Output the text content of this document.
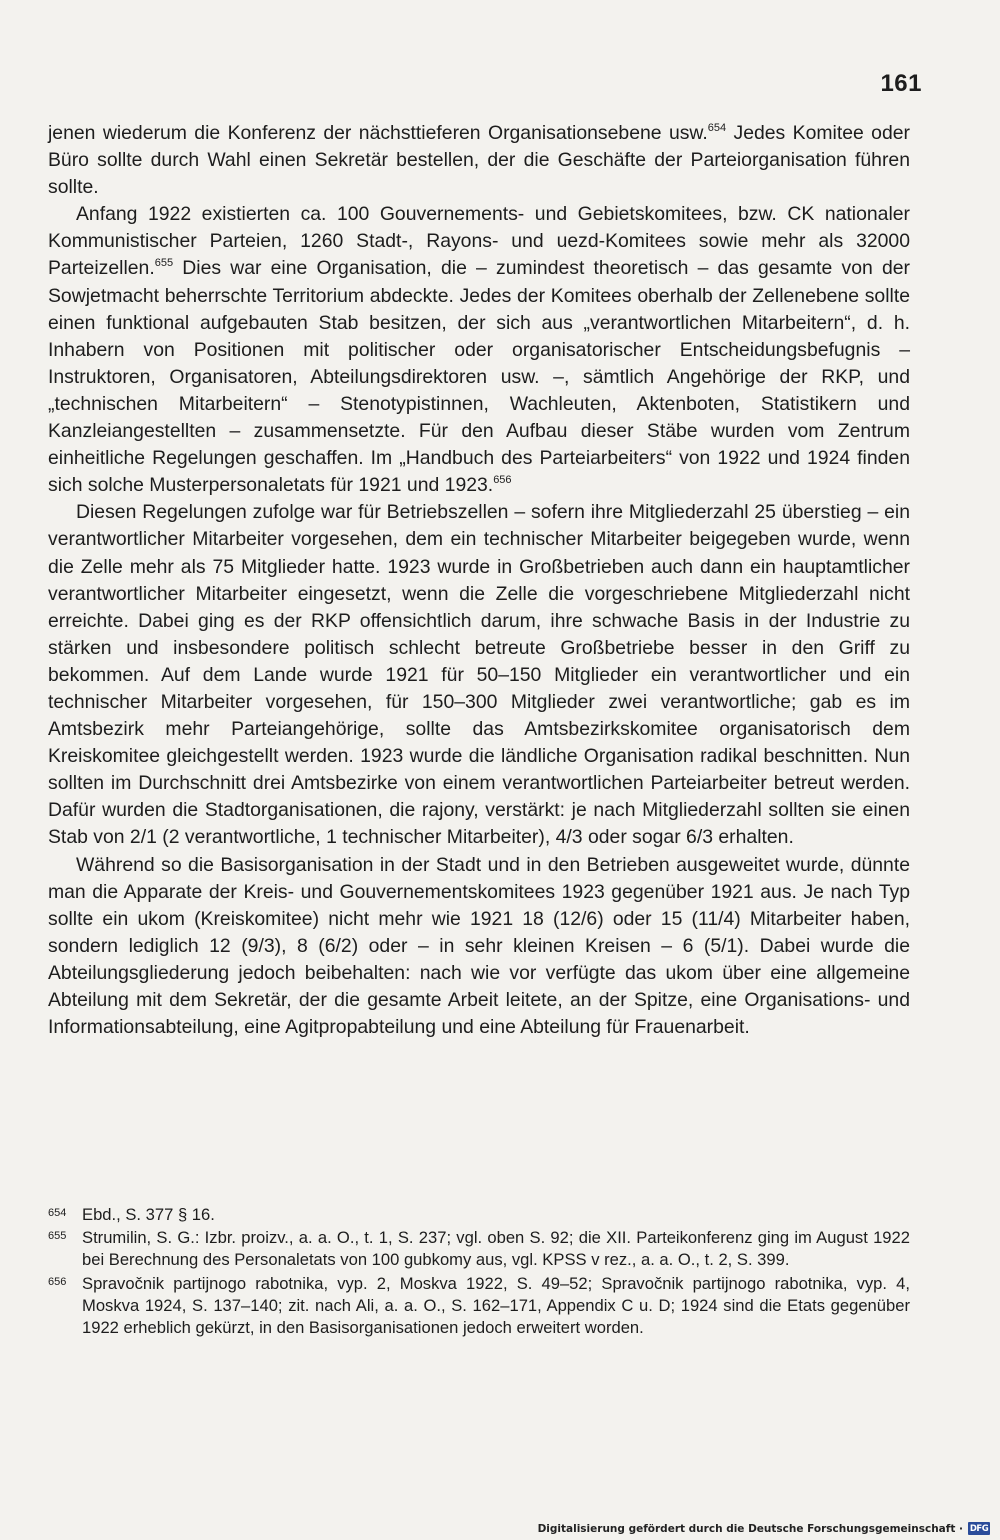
161

jenen wiederum die Konferenz der nächsttieferen Organisationsebene usw.$^{654}$ Jedes Komitee oder Büro sollte durch Wahl einen Sekretär bestellen, der die Geschäfte der Parteiorganisation führen sollte.

Anfang 1922 existierten ca. 100 Gouvernements- und Gebietskomitees, bzw. CK nationaler Kommunistischer Parteien, 1260 Stadt-, Rayons- und uezd-Komitees sowie mehr als 32000 Parteizellen.$^{655}$ Dies war eine Organisation, die – zumindest theoretisch – das gesamte von der Sowjetmacht beherrschte Territorium abdeckte. Jedes der Komitees oberhalb der Zellenebene sollte einen funktional aufgebauten Stab besitzen, der sich aus „verantwortlichen Mitarbeitern“, d. h. Inhabern von Positionen mit politischer oder organisatorischer Entscheidungsbefugnis – Instruktoren, Organisatoren, Abteilungsdirektoren usw. –, sämtlich Angehörige der RKP, und „technischen Mitarbeitern“ – Stenotypistinnen, Wachleuten, Aktenboten, Statistikern und Kanzleiangestellten – zusammensetzte. Für den Aufbau dieser Stäbe wurden vom Zentrum einheitliche Regelungen geschaffen. Im „Handbuch des Parteiarbeiters“ von 1922 und 1924 finden sich solche Musterpersonaletats für 1921 und 1923.$^{656}$

Diesen Regelungen zufolge war für Betriebszellen – sofern ihre Mitgliederzahl 25 überstieg – ein verantwortlicher Mitarbeiter vorgesehen, dem ein technischer Mitarbeiter beigegeben wurde, wenn die Zelle mehr als 75 Mitglieder hatte. 1923 wurde in Großbetrieben auch dann ein hauptamtlicher verantwortlicher Mitarbeiter eingesetzt, wenn die Zelle die vorgeschriebene Mitgliederzahl nicht erreichte. Dabei ging es der RKP offensichtlich darum, ihre schwache Basis in der Industrie zu stärken und insbesondere politisch schlecht betreute Großbetriebe besser in den Griff zu bekommen. Auf dem Lande wurde 1921 für 50–150 Mitglieder ein verantwortlicher und ein technischer Mitarbeiter vorgesehen, für 150–300 Mitglieder zwei verantwortliche; gab es im Amtsbezirk mehr Parteiangehörige, sollte das Amtsbezirkskomitee organisatorisch dem Kreiskomitee gleichgestellt werden. 1923 wurde die ländliche Organisation radikal beschnitten. Nun sollten im Durchschnitt drei Amtsbezirke von einem verantwortlichen Parteiarbeiter betreut werden. Dafür wurden die Stadtorganisationen, die rajony, verstärkt: je nach Mitgliederzahl sollten sie einen Stab von 2/1 (2 verantwortliche, 1 technischer Mitarbeiter), 4/3 oder sogar 6/3 erhalten.

Während so die Basisorganisation in der Stadt und in den Betrieben ausgeweitet wurde, dünnte man die Apparate der Kreis- und Gouvernementskomitees 1923 gegenüber 1921 aus. Je nach Typ sollte ein ukom (Kreiskomitee) nicht mehr wie 1921 18 (12/6) oder 15 (11/4) Mitarbeiter haben, sondern lediglich 12 (9/3), 8 (6/2) oder – in sehr kleinen Kreisen – 6 (5/1). Dabei wurde die Abteilungsgliederung jedoch beibehalten: nach wie vor verfügte das ukom über eine allgemeine Abteilung mit dem Sekretär, der die gesamte Arbeit leitete, an der Spitze, eine Organisations- und Informationsabteilung, eine Agitpropabteilung und eine Abteilung für Frauenarbeit.

654 Ebd., S. 377 § 16.
655 Strumilin, S. G.: Izbr. proizv., a. a. O., t. 1, S. 237; vgl. oben S. 92; die XII. Parteikonferenz ging im August 1922 bei Berechnung des Personaletats von 100 gubkomy aus, vgl. KPSS v rez., a. a. O., t. 2, S. 399.
656 Spravočnik partijnogo rabotnika, vyp. 2, Moskva 1922, S. 49–52; Spravočnik partijnogo rabotnika, vyp. 4, Moskva 1924, S. 137–140; zit. nach Ali, a. a. O., S. 162–171, Appendix C u. D; 1924 sind die Etats gegenüber 1922 erheblich gekürzt, in den Basisorganisationen jedoch erweitert worden.
Digitalisierung gefördert durch die Deutsche Forschungsgemeinschaft · DFG
